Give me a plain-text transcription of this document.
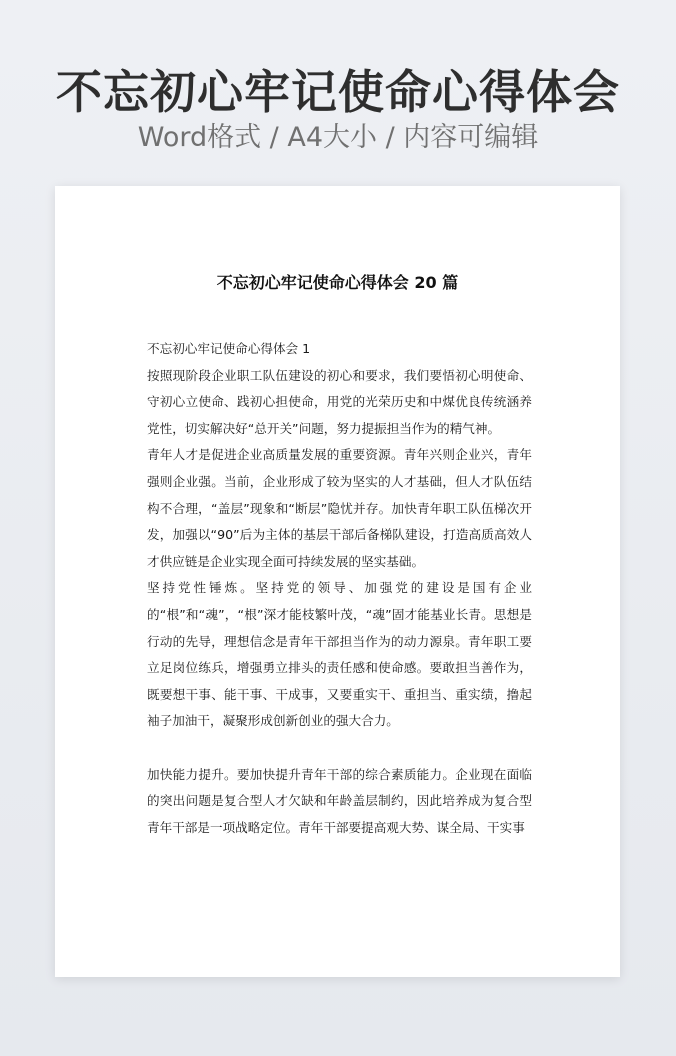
不忘初心牢记使命心得体会
Word格式 / A4大小 / 内容可编辑
不忘初心牢记使命心得体会 20 篇

不忘初心牢记使命心得体会 1

按照现阶段企业职工队伍建设的初心和要求，我们要悟初心明使命、守初心立使命、践初心担使命，用党的光荣历史和中煤优良传统涵养党性，切实解决好“总开关”问题，努力提振担当作为的精气神。

青年人才是促进企业高质量发展的重要资源。青年兴则企业兴，青年强则企业强。当前，企业形成了较为坚实的人才基础，但人才队伍结构不合理，“盖层”现象和“断层”隐忧并存。加快青年职工队伍梯次开发，加强以“90”后为主体的基层干部后备梯队建设，打造高质高效人才供应链是企业实现全面可持续发展的坚实基础。

坚持党性锤炼。坚持党的领导、加强党的建设是国有企业的“根”和“魂”，“根”深才能枝繁叶茂，“魂”固才能基业长青。思想是行动的先导，理想信念是青年干部担当作为的动力源泉。青年职工要立足岗位练兵，增强勇立排头的责任感和使命感。要敢担当善作为，既要想干事、能干事、干成事，又要重实干、重担当、重实绩，撸起袖子加油干，凝聚形成创新创业的强大合力。

加快能力提升。要加快提升青年干部的综合素质能力。企业现在面临的突出问题是复合型人才欠缺和年龄盖层制约，因此培养成为复合型青年干部是一项战略定位。青年干部要提高观大势、谋全局、干实事
